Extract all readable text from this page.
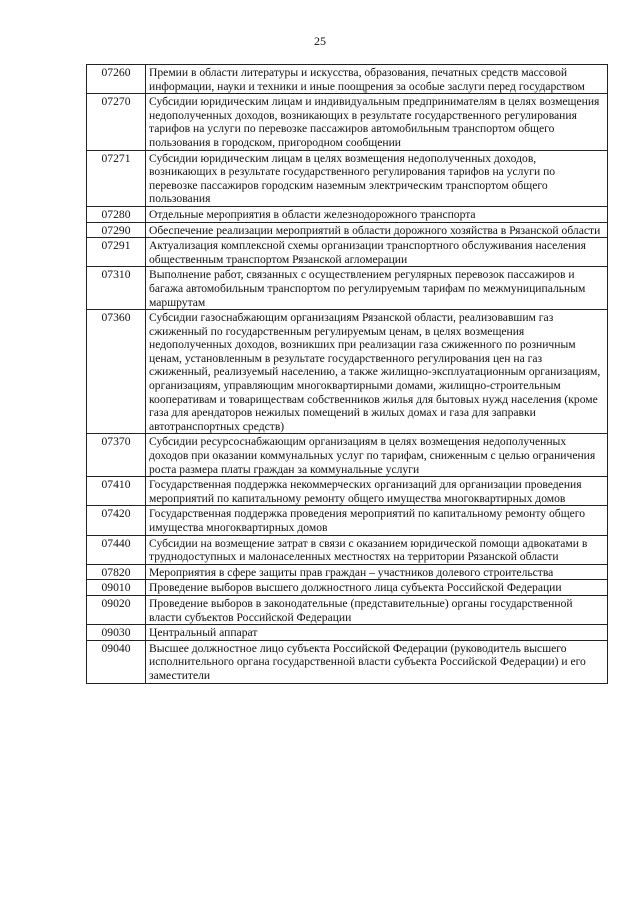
25
07260	Премии в области литературы и искусства, образования, печатных средств массовой информации, науки и техники и иные поощрения за особые заслуги перед государством
07270	Субсидии юридическим лицам и индивидуальным предпринимателям в целях возмещения недополученных доходов, возникающих в результате государственного регулирования тарифов на услуги по перевозке пассажиров автомобильным транспортом общего пользования в городском, пригородном сообщении
07271	Субсидии юридическим лицам в целях возмещения недополученных доходов, возникающих в результате государственного регулирования тарифов на услуги по перевозке пассажиров городским наземным электрическим транспортом общего пользования
07280	Отдельные мероприятия в области железнодорожного транспорта
07290	Обеспечение реализации мероприятий в области дорожного хозяйства в Рязанской области
07291	Актуализация комплексной схемы организации транспортного обслуживания населения общественным транспортом Рязанской агломерации
07310	Выполнение работ, связанных с осуществлением регулярных перевозок пассажиров и багажа автомобильным транспортом по регулируемым тарифам по межмуниципальным маршрутам
07360	Субсидии газоснабжающим организациям Рязанской области, реализовавшим газ сжиженный по государственным регулируемым ценам, в целях возмещения недополученных доходов, возникших при реализации газа сжиженного по розничным ценам, установленным в результате государственного регулирования цен на газ сжиженный, реализуемый населению, а также жилищно-эксплуатационным организациям, организациям, управляющим многоквартирными домами, жилищно-строительным кооперативам и товариществам собственников жилья для бытовых нужд населения (кроме газа для арендаторов нежилых помещений в жилых домах и газа для заправки автотранспортных средств)
07370	Субсидии ресурсоснабжающим организациям в целях возмещения недополученных доходов при оказании коммунальных услуг по тарифам, сниженным с целью ограничения роста размера платы граждан за коммунальные услуги
07410	Государственная поддержка некоммерческих организаций для организации проведения мероприятий по капитальному ремонту общего имущества многоквартирных домов
07420	Государственная поддержка проведения мероприятий по капитальному ремонту общего имущества многоквартирных домов
07440	Субсидии на возмещение затрат в связи с оказанием юридической помощи адвокатами в труднодоступных и малонаселенных местностях на территории Рязанской области
07820	Мероприятия в сфере защиты прав граждан – участников долевого строительства
09010	Проведение выборов высшего должностного лица субъекта Российской Федерации
09020	Проведение выборов в законодательные (представительные) органы государственной власти субъектов Российской Федерации
09030	Центральный аппарат
09040	Высшее должностное лицо субъекта Российской Федерации (руководитель высшего исполнительного органа государственной власти субъекта Российской Федерации) и его заместители
